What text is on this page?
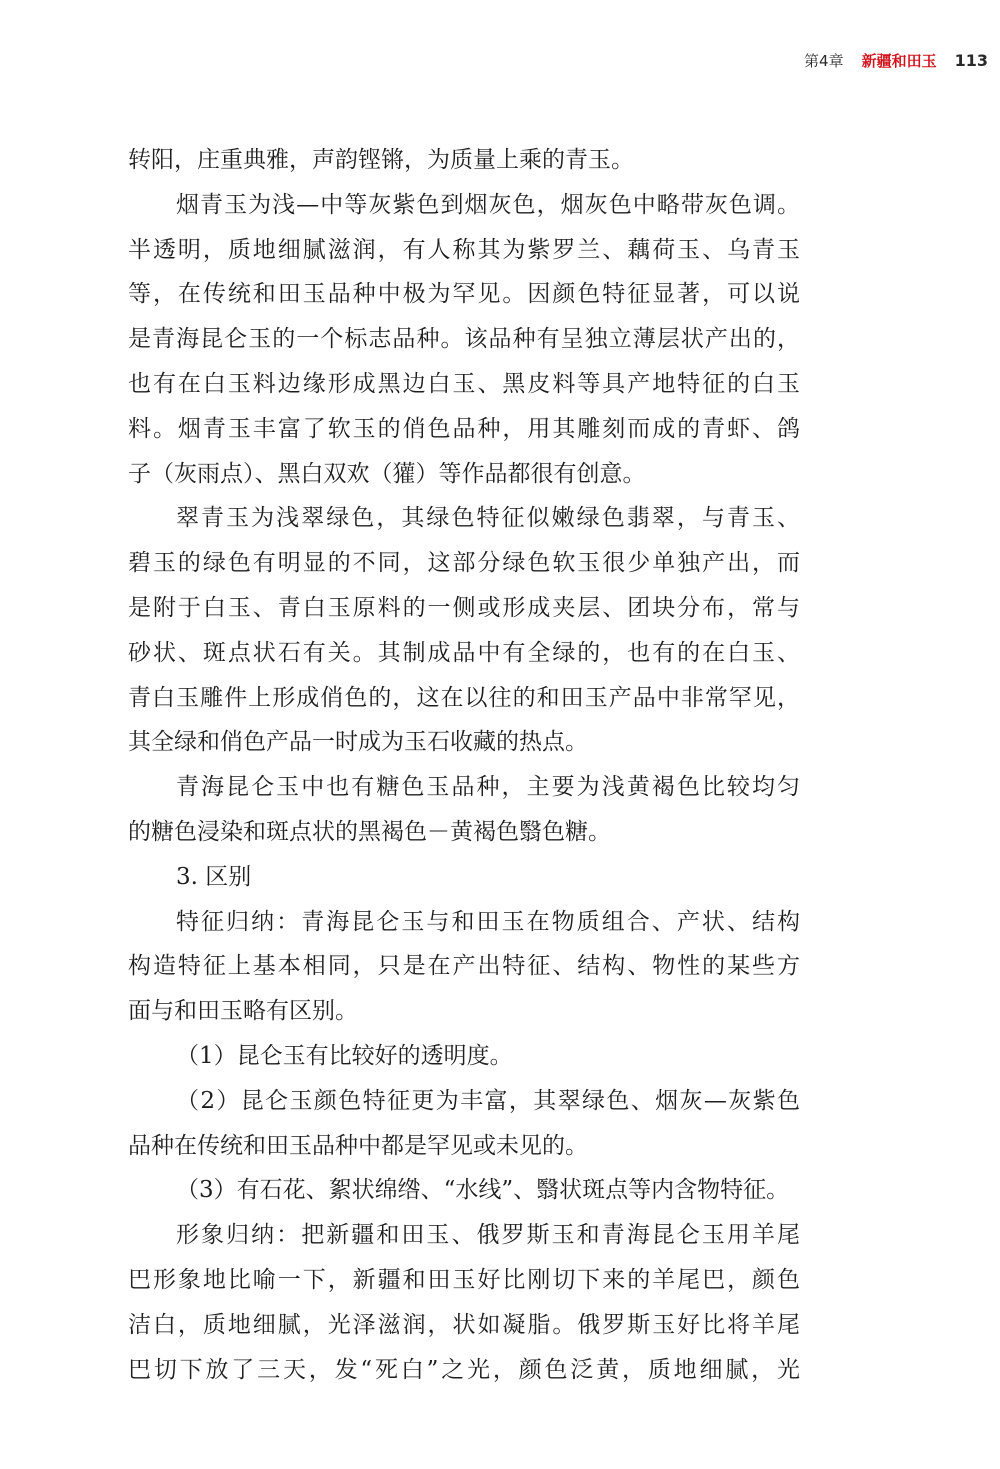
第4章 新疆和田玉 113
转阳，庄重典雅，声韵铿锵，为质量上乘的青玉。
烟青玉为浅—中等灰紫色到烟灰色，烟灰色中略带灰色调。
半透明，质地细腻滋润，有人称其为紫罗兰、藕荷玉、乌青玉
等，在传统和田玉品种中极为罕见。因颜色特征显著，可以说
是青海昆仑玉的一个标志品种。该品种有呈独立薄层状产出的，
也有在白玉料边缘形成黑边白玉、黑皮料等具产地特征的白玉
料。烟青玉丰富了软玉的俏色品种，用其雕刻而成的青虾、鸽
子（灰雨点）、黑白双欢（獾）等作品都很有创意。
翠青玉为浅翠绿色，其绿色特征似嫩绿色翡翠，与青玉、
碧玉的绿色有明显的不同，这部分绿色软玉很少单独产出，而
是附于白玉、青白玉原料的一侧或形成夹层、团块分布，常与
砂状、斑点状石有关。其制成品中有全绿的，也有的在白玉、
青白玉雕件上形成俏色的，这在以往的和田玉产品中非常罕见，
其全绿和俏色产品一时成为玉石收藏的热点。
青海昆仑玉中也有糖色玉品种，主要为浅黄褐色比较均匀
的糖色浸染和斑点状的黑褐色－黄褐色翳色糖。
3. 区别
特征归纳：青海昆仑玉与和田玉在物质组合、产状、结构
构造特征上基本相同，只是在产出特征、结构、物性的某些方
面与和田玉略有区别。
（1）昆仑玉有比较好的透明度。
（2）昆仑玉颜色特征更为丰富，其翠绿色、烟灰—灰紫色
品种在传统和田玉品种中都是罕见或未见的。
（3）有石花、絮状绵绺、“水线”、翳状斑点等内含物特征。
形象归纳：把新疆和田玉、俄罗斯玉和青海昆仑玉用羊尾
巴形象地比喻一下，新疆和田玉好比刚切下来的羊尾巴，颜色
洁白，质地细腻，光泽滋润，状如凝脂。俄罗斯玉好比将羊尾
巴切下放了三天，发“死白”之光，颜色泛黄，质地细腻，光
